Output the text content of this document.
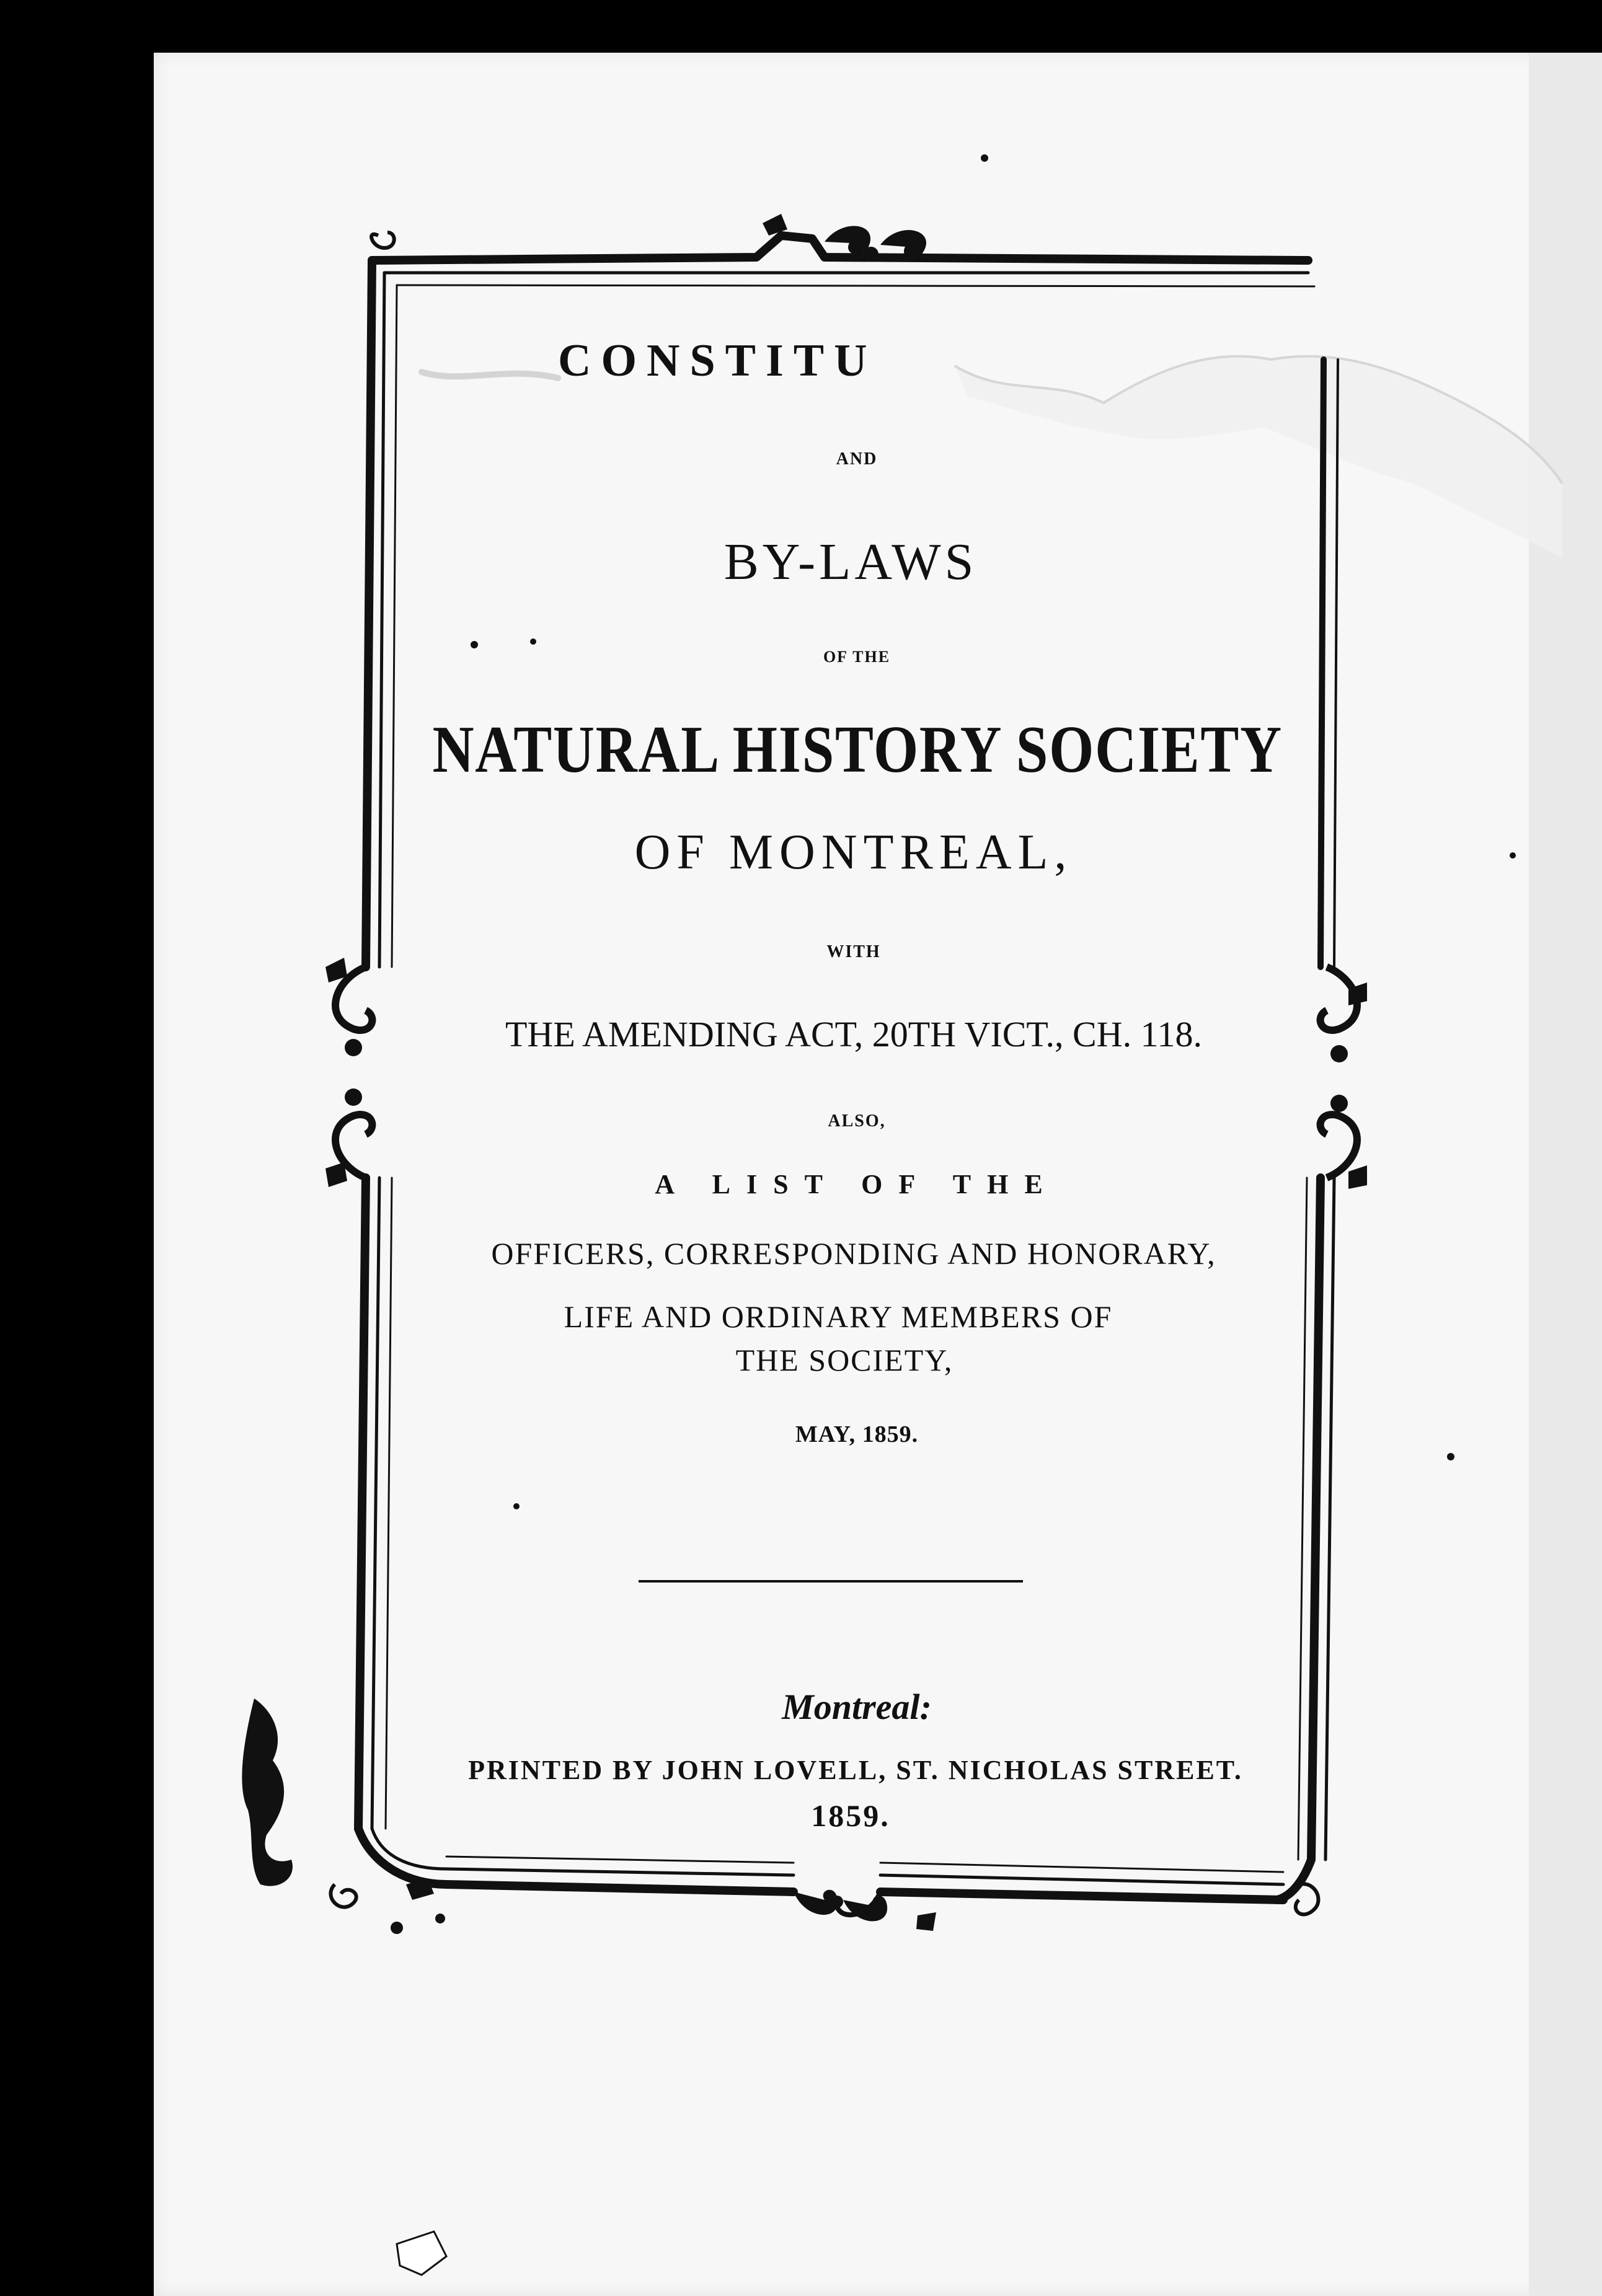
CONSTITU
AND
BY-LAWS
OF THE
NATURAL HISTORY SOCIETY
OF MONTREAL,
WITH
THE AMENDING ACT, 20TH VICT., CH. 118.
ALSO,
A LIST OF THE
OFFICERS, CORRESPONDING AND HONORARY,
LIFE AND ORDINARY MEMBERS OF
THE SOCIETY,
MAY, 1859.
Montreal:
PRINTED BY JOHN LOVELL, ST. NICHOLAS STREET.
1859.
